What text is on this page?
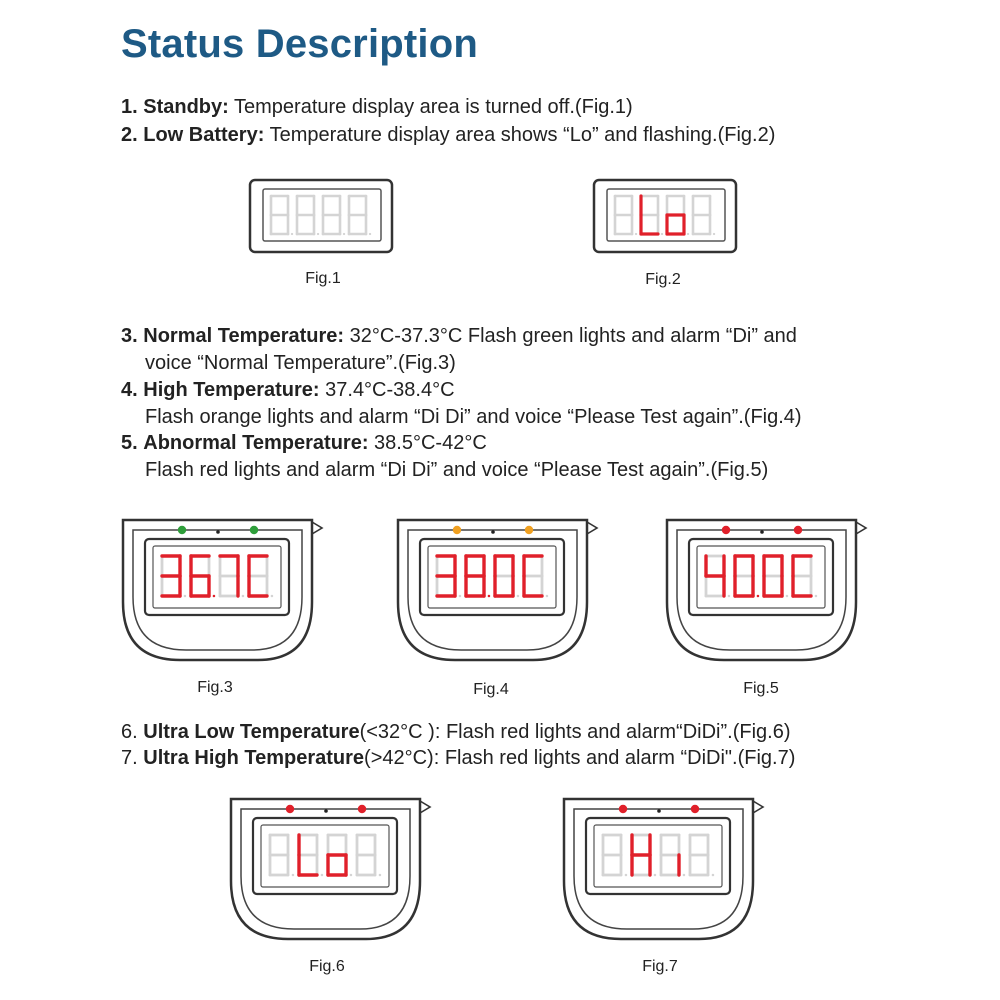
Status Description
1. Standby: Temperature display area is turned off.(Fig.1)
2. Low Battery: Temperature display area shows “Lo” and flashing.(Fig.2)
Fig.1	Fig.2
3. Normal Temperature: 32°C-37.3°C Flash green lights and alarm “Di” and
voice “Normal Temperature”.(Fig.3)
4. High Temperature: 37.4°C-38.4°C
Flash orange lights and alarm “Di Di” and voice “Please Test again”.(Fig.4)
5. Abnormal Temperature: 38.5°C-42°C
Flash red lights and alarm “Di Di” and voice “Please Test again”.(Fig.5)
Fig.3	Fig.4	Fig.5
6. Ultra Low Temperature(<32°C ): Flash red lights and alarm“DiDi”.(Fig.6)
7. Ultra High Temperature(>42°C): Flash red lights and alarm “DiDi".(Fig.7)
Fig.6	Fig.7
